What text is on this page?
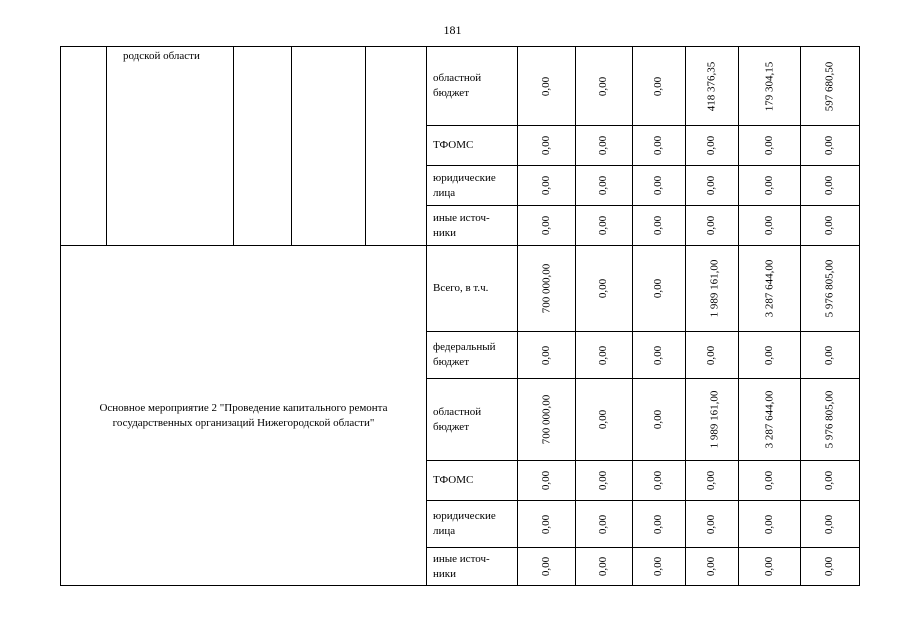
181
	родской области				областной бюджет	0,00	0,00	0,00	418 376,35	179 304,15	597 680,50
					ТФОМС	0,00	0,00	0,00	0,00	0,00	0,00
					юридические лица	0,00	0,00	0,00	0,00	0,00	0,00
					иные источ-ники	0,00	0,00	0,00	0,00	0,00	0,00
Основное мероприятие 2 "Проведение капитального ремонта государственных организаций Нижегородской области"					Всего, в т.ч.	700 000,00	0,00	0,00	1 989 161,00	3 287 644,00	5 976 805,00
					федеральный бюджет	0,00	0,00	0,00	0,00	0,00	0,00
					областной бюджет	700 000,00	0,00	0,00	1 989 161,00	3 287 644,00	5 976 805,00
					ТФОМС	0,00	0,00	0,00	0,00	0,00	0,00
					юридические лица	0,00	0,00	0,00	0,00	0,00	0,00
					иные источ-ники	0,00	0,00	0,00	0,00	0,00	0,00
